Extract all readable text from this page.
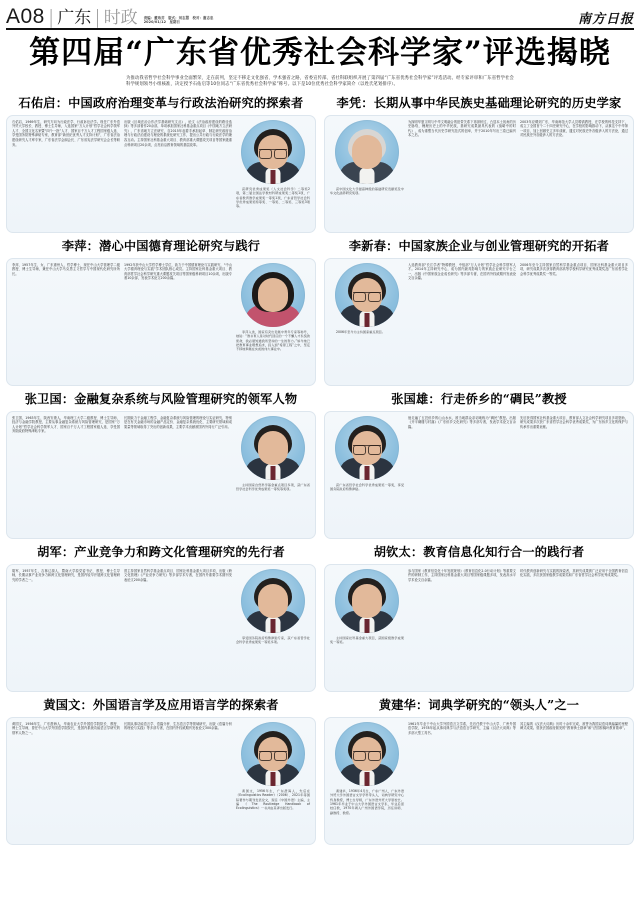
A08 | 广东 | 时政 责编：董玮芬　版式：刘志慧　校对：谢志忠
2020/01/12　星期日	南方日报
第四届“广东省优秀社会科学家”评选揭晓
为推动我省哲学社会科学事业全面繁荣、走在前列，坚定不移走文化强省、学术强省之路，省委宣传部、省社科联组织开展了第四届“广东省优秀社会科学家”评选活动。经专家评审和广东省哲学社会科学规划领导小组核准，决定授予石佑启等10位同志“广东省优秀社会科学家”称号。以下是10位优秀社会科学家简介（以姓氏笔划排序）。
石佑启：中国政府治理变革与行政法治研究的探索者
石佑启，1969年生，研究方向为行政法学、行政诉讼法学。现任广东外语外贸大学校长、教授、博士生导师，入选国家“万人计划”哲学社会科学领军人才、全国文化名家暨“四个一批”人才、国家百千万人才工程国家级人选、享受国务院特殊津贴专家，教育部“新世纪优秀人才支持计划”，广东省法治建设研究人才库专家，广东省法学会副会长、广东省宪法学研究会会长等职务。
出版《区域法治合作法学基础研究文丛》，论文《法治政府建设的路径选择》等多部著作20余部，单项承担国家社科基金重点项目《中国地方立法研究》，广东省地方立法研究，自2015年起着手承担起草、制定研究政府治理与行政法治建设与理论的系统化研究工作，提出公共行政与行政法学的兼容互动。主持国家社科基金重大项目、教育部重大课题攻关项目等国家级重点科研项目20余项，点亮前沿教育领域的基层改革。
获研究优秀成果奖（人文社会科学）二等奖2项，第二届全国法学教材科研成果奖二等奖1项，广东省教育教学成果奖一等奖1项，广东省哲学社会科学优秀成果奖特等奖、一等奖、二等奖、三等奖3项等。
李凭：长期从事中华民族史基础理论研究的历史学家
获中国文化大学最高种级的基础研究贡献奖及中华文化涵养研究奖项。
为探明华夏文明与中华文明融合的纽带关系下再剖析过，凸显本土视角的历史脉络，梳理历史上的中华民族，基研究成果最具代表的《战略中的时代》，成为重塑当代历史学研究范式的创举，并于2010年写出三卷已编刊本之后。
2003年应聘到广东，华南师范大学人员聘请教授，在学校的科技支持下，成立了全国首个二十四史研究中心，在学校的影响推动下，从事这个中华第一项目，加上回顾史立多年成就，通过对民族史外各级涉入的方法论，通过对民族史外各级涉入的方法论。
李萍：潜心中国德育理论研究与践行
李萍，1957年生，女，广东惠州人，哲学博士，现任中山大学管理学二级教授、博士生导师，兼任中山大学马克思主义哲学与中国现代化研究所所长。
1992年获中山大学哲学博士学位，致力于中国德育理论与实践研究，“中山大学德育理论与实践”学术团队核心成员。主持国家社科基金重大项目、教育部哲学社会科学研究重大课题攻关项目等国家级科研项目10余项，出版专著10余部，发表学术论文200余篇。
李萍入选，国家有突出贡献中青年专家等称号，她说：“教书育人是对时代回应的一个不懈人才系统的使命，我必须知道我所坚持的一生的努力。”如今她已把教育事业理想追求，投入到“希望工程”之中，坚定不移地奉献在实质的伟大事业中。
李新春：中国家族企业与创业管理研究的开拓者
2006年至今为主持国家重点项目。
入选教育部“长江学者”特聘教授、中组部“万人计划”哲学社会科学领军人才。2014年主持研究中心，成为国内最具影响力的家族企业研究平台之一，出版《中国家族企业成长研究》等多部专著，在国内外权威期刊发表论文百余篇。
2006年至今主持国家自然科学基金重点项目、国家社科基金重大项目多项，研究成果多次获得教育部高等学校科学研究优秀成果奖及广东省哲学社会科学优秀成果奖一等奖。
张卫国：金融复杂系统与风险管理研究的领军人物
张卫国，1963年生，陕西安康人，华南理工大学二级教授、博士生导师，经济与金融学院教授，主要从事金融复杂系统与风险管理研究，是国家“万人计划”哲学社会科学领军人才、国家百千万人才工程国家级人选、享受国务院政府特殊津贴专家。
长期致力于金融工程学、金融复杂系统与风险管理的理论与实证研究，特别是在有关金融市场的金融产品定价、金融复杂系统优化、主要研究领域和成果量等领域取得了突出的创新成果，主要学术贡献被国内外同行广泛引用。
主持国家自然科学基金重点项目多项，获广东省哲学社会科学优秀成果奖一等奖等奖项。
张国雄：行走侨乡的“碉民”教授
获广东省哲学社会科学优秀成果奖一等奖，享受国务院政府特殊津贴。
他走遍了五邑侨乡的山山水水，被当地群众亲切地称为“碉民”教授。出版《开平碉楼与村落》《广东侨乡文化研究》等多部专著，发表学术论文百余篇。
先后获得国家社科基金重大项目、教育部人文社会科学研究项目多项资助，研究成果多次获广东省哲学社会科学优秀成果奖，为广东侨乡文化的保护与传承作出重要贡献。
胡军：产业竞争力和跨文化管理研究的先行者
胡军，1957年生，吉林辽源人，暨南大学原党委书记、教授、博士生导师，长期从事产业竞争力和跨文化管理研究，是国内较早开展跨文化管理研究的学者之一。
曾主持国家自然科学基金重点项目、国家社科基金重大项目多项，出版《跨文化管理》《产业竞争力研究》等多部学术专著，在国内外重要学术期刊发表论文200余篇。
享受国务院政府特殊津贴专家，获广东省哲学社会科学优秀成果奖一等奖多项。
胡钦太：教育信息化知行合一的践行者
主持国家社科基金重大项目，获国家级教学成果奖一等奖。
参与国家《教育信息化十年发展规划》《教育信息化2.0行动计划》等重要文件的研制工作，主持国家社科基金重大项目等国家级课题多项，发表高水平学术论文百余篇。
时代教育创新研究与实践的探索者，其研究成果被广泛应用于全国教育信息化实践，多次获国家级教学成果奖和广东省哲学社会科学优秀成果奖。
黄国文：外国语言学及应用语言学的探索者
黄国文，1956年生，广东澄海人，华南农业大学外国语学院院长、教授、博士生导师，曾任中山大学外国语学院院长，是国内系统功能语言学研究的领军人物之一。
长期从事功能语言学、语篇分析、生态语言学等领域研究，出版《语篇分析的理论与实践》等多部专著，在国内外权威期刊发表论文300余篇。
黄国文，1956年生，广东澄海人，先后在《Ecolinguistics Reader》（2006）、2021年等国际著作与期刊发表论文，现任《中国外语》主编，主编《The Routledge Handbook of Ecolinguistics》一书并由其译出版发行。
黄建华：词典学研究的“领头人”之一
黄建华，1936年4月生，广东广州人，广东外语外贸大学外国语言文学学科带头人，词典学研究中心终身教授，博士生导师，广东外语外贸大学原校长。1961年毕业于中山大学外国语言文学系，毕业后留校任教，1970年调入广州外国语学院，历任讲师、副教授、教授。
1961年毕业于中山大学外国语言文学系，先后任教于中山大学、广州外国语学院，1978年起从事词典学与法语语言学研究，主编《汉法大词典》等多部大型工具书。
其主编的《汉法大词典》历时十余年完成，被誉为我国双语词典编纂的里程碑式成果。曾获法国政府颁发的“教育骑士勋章”和“法国棕榈叶教育勋章”。
